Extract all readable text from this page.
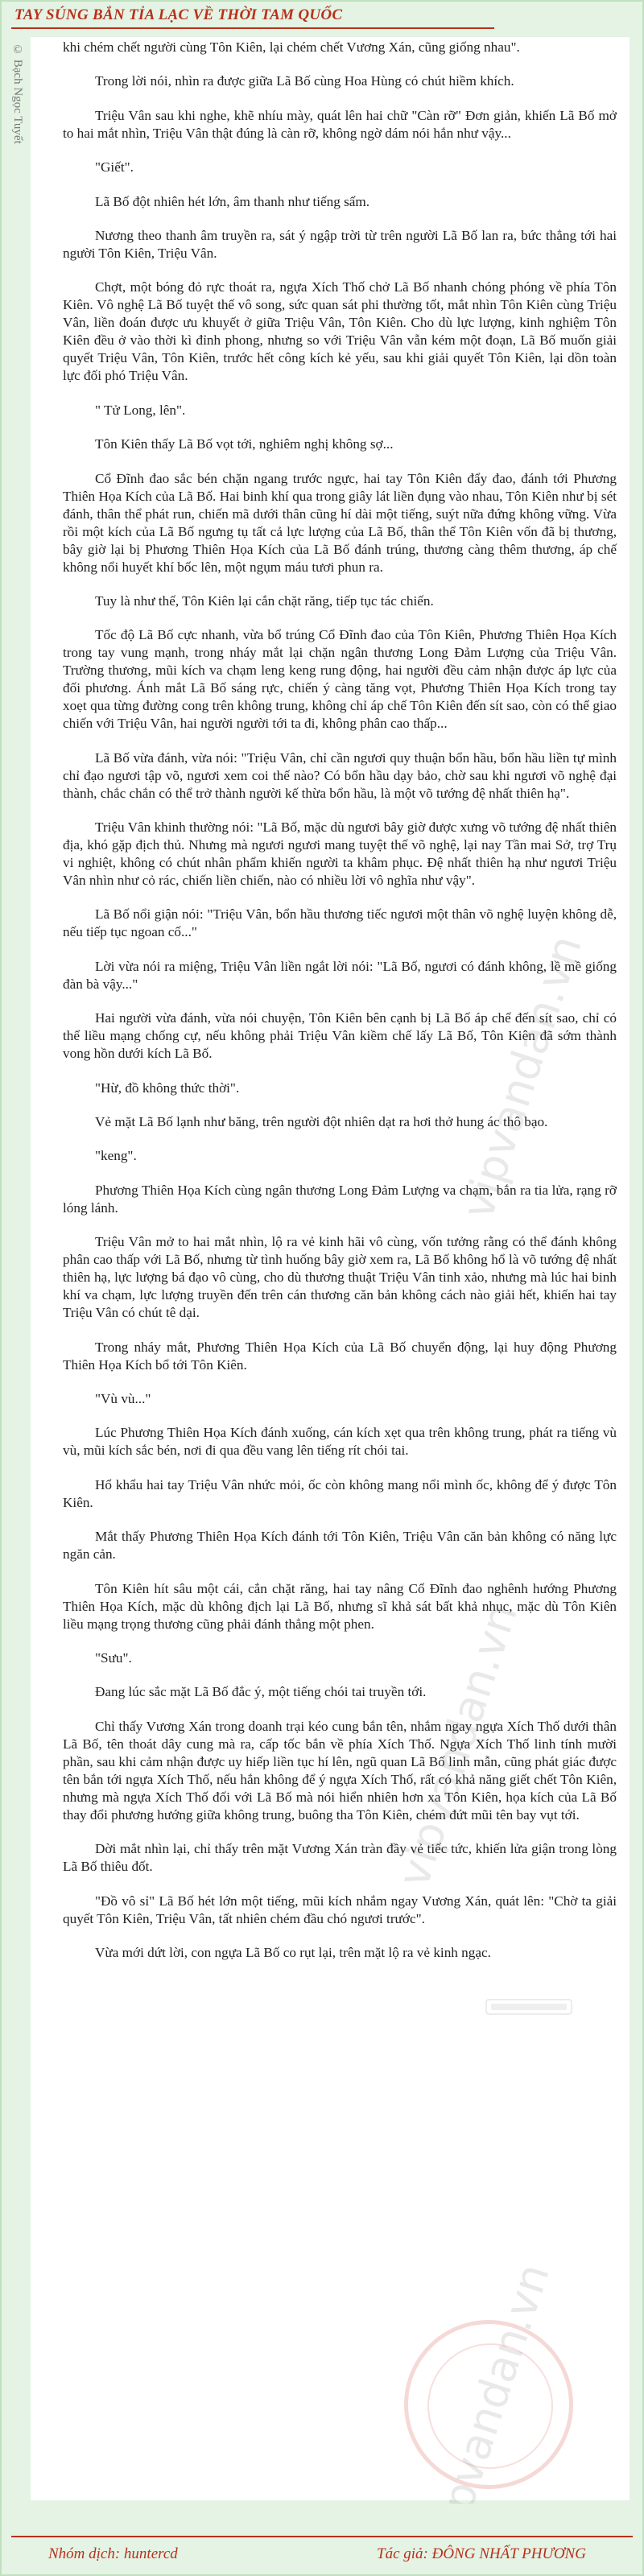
TAY SÚNG BẮN TỈA LẠC VỀ THỜI TAM QUỐC
© Bạch Ngọc Tuyết	khi chém chết người cùng Tôn Kiên, lại chém chết Vương Xán, cũng giống nhau".

Trong lời nói, nhìn ra được giữa Lã Bố cùng Hoa Hùng có chút hiềm khích.

Triệu Vân sau khi nghe, khẽ nhíu mày, quát lên hai chữ "Càn rỡ" Đơn giản, khiến Lã Bố mở to hai mắt nhìn, Triệu Vân thật đúng là càn rỡ, không ngờ dám nói hắn như vậy...

"Giết".

Lã Bố đột nhiên hét lớn, âm thanh như tiếng sấm.

Nương theo thanh âm truyền ra, sát ý ngập trời từ trên người Lã Bố lan ra, bức thẳng tới hai người Tôn Kiên, Triệu Vân.

Chợt, một bóng đỏ rực thoát ra, ngựa Xích Thố chở Lã Bố nhanh chóng phóng về phía Tôn Kiên. Vô nghệ Lã Bố tuyệt thế vô song, sức quan sát phi thường tốt, mắt nhìn Tôn Kiên cùng Triệu Vân, liền đoán được ưu khuyết ở giữa Triệu Vân, Tôn Kiên. Cho dù lực lượng, kinh nghiệm Tôn Kiên đều ở vào thời kì đỉnh phong, nhưng so với Triệu Vân vẫn kém một đoạn, Lã Bố muốn giải quyết Triệu Vân, Tôn Kiên, trước hết công kích kẻ yếu, sau khi giải quyết Tôn Kiên, lại dồn toàn lực đối phó Triệu Vân.

" Tử Long, lên".

Tôn Kiên thấy Lã Bố vọt tới, nghiêm nghị không sợ...

Cổ Đĩnh đao sắc bén chặn ngang trước ngực, hai tay Tôn Kiên đẩy đao, đánh tới Phương Thiên Họa Kích của Lã Bố. Hai binh khí qua trong giây lát liền đụng vào nhau, Tôn Kiên như bị sét đánh, thân thể phát run, chiến mã dưới thân cũng hí dài một tiếng, suýt nữa đứng không vững. Vừa rồi một kích của Lã Bố ngưng tụ tất cả lực lượng của Lã Bố, thân thể Tôn Kiên vốn đã bị thương, bây giờ lại bị Phương Thiên Họa Kích của Lã Bố đánh trúng, thương càng thêm thương, áp chế không nổi huyết khí bốc lên, một ngụm máu tươi phun ra.

Tuy là như thế, Tôn Kiên lại cắn chặt răng, tiếp tục tác chiến.

Tốc độ Lã Bố cực nhanh, vừa bổ trúng Cổ Đĩnh đao của Tôn Kiên, Phương Thiên Họa Kích trong tay vung mạnh, trong nháy mắt lại chặn ngân thương Long Đảm Lượng của Triệu Vân. Trường thương, mũi kích va chạm leng keng rung động, hai người đều cảm nhận được áp lực của đối phương. Ánh mắt Lã Bố sáng rực, chiến ý càng tăng vọt, Phương Thiên Họa Kích trong tay xoẹt qua từng đường cong trên không trung, không chỉ áp chế Tôn Kiên đến sít sao, còn có thể giao chiến với Triệu Vân, hai người người tới ta đi, không phân cao thấp...

Lã Bố vừa đánh, vừa nói: "Triệu Vân, chỉ cần ngươi quy thuận bổn hầu, bổn hầu liền tự mình chỉ đạo ngươi tập võ, ngươi xem coi thế nào? Có bổn hầu dạy bảo, chờ sau khi ngươi võ nghệ đại thành, chắc chắn có thể trở thành người kế thừa bổn hầu, là một võ tướng đệ nhất thiên hạ".

Triệu Vân khinh thường nói: "Lã Bố, mặc dù ngươi bây giờ được xưng võ tướng đệ nhất thiên địa, khó gặp địch thủ. Nhưng mà ngươi ngươi mang tuyệt thế võ nghệ, lại nay Tần mai Sở, trợ Trụ vi nghiệt, không có chút nhân phẩm khiến người ta khâm phục. Đệ nhất thiên hạ như ngươi Triệu Vân nhìn như cỏ rác, chiến liền chiến, nào có nhiều lời vô nghĩa như vậy".

Lã Bố nổi giận nói: "Triệu Vân, bổn hầu thương tiếc ngươi một thân võ nghệ luyện không dễ, nếu tiếp tục ngoan cố..."

Lời vừa nói ra miệng, Triệu Vân liền ngắt lời nói: "Lã Bố, ngươi có đánh không, lề mề giống đàn bà vậy..."

Hai người vừa đánh, vừa nói chuyện, Tôn Kiên bên cạnh bị Lã Bố áp chế đến sít sao, chỉ có thể liều mạng chống cự, nếu không phải Triệu Vân kiềm chế lấy Lã Bố, Tôn Kiên đã sớm thành vong hồn dưới kích Lã Bố.

"Hừ, đồ không thức thời".

Vẻ mặt Lã Bố lạnh như băng, trên người đột nhiên dạt ra hơi thở hung ác thô bạo.

"keng".

Phương Thiên Họa Kích cùng ngân thương Long Đảm Lượng va chạm, bắn ra tia lửa, rạng rỡ lóng lánh.

Triệu Vân mở to hai mắt nhìn, lộ ra vẻ kinh hãi vô cùng, vốn tưởng rằng có thể đánh không phân cao thấp với Lã Bố, nhưng từ tình huống bây giờ xem ra, Lã Bố không hổ là võ tướng đệ nhất thiên hạ, lực lượng bá đạo vô cùng, cho dù thương thuật Triệu Vân tinh xảo, nhưng mà lúc hai binh khí va chạm, lực lượng truyền đến trên cán thương căn bản không cách nào giải hết, khiến hai tay Triệu Vân có chút tê dại.

Trong nháy mắt, Phương Thiên Họa Kích của Lã Bố chuyển động, lại huy động Phương Thiên Họa Kích bổ tới Tôn Kiên.

"Vù vù..."

Lúc Phương Thiên Họa Kích đánh xuống, cán kích xẹt qua trên không trung, phát ra tiếng vù vù, mũi kích sắc bén, nơi đi qua đều vang lên tiếng rít chói tai.

Hổ khẩu hai tay Triệu Vân nhức mỏi, ốc còn không mang nổi mình ốc, không để ý được Tôn Kiên.

Mắt thấy Phương Thiên Họa Kích đánh tới Tôn Kiên, Triệu Vân căn bản không có năng lực ngăn cản.

Tôn Kiên hít sâu một cái, cắn chặt răng, hai tay nâng Cổ Đĩnh đao nghênh hướng Phương Thiên Họa Kích, mặc dù không địch lại Lã Bố, nhưng sĩ khả sát bất khả nhục, mặc dù Tôn Kiên liều mạng trọng thương cũng phải đánh thẳng một phen.

"Sưu".

Đang lúc sắc mặt Lã Bố đắc ý, một tiếng chói tai truyền tới.

Chỉ thấy Vương Xán trong doanh trại kéo cung bắn tên, nhắm ngay ngựa Xích Thố dưới thân Lã Bố, tên thoát dây cung mà ra, cấp tốc bắn về phía Xích Thố. Ngựa Xích Thố linh tính mười phần, sau khi cảm nhận được uy hiếp liền tục hí lên, ngũ quan Lã Bố linh mẫn, cũng phát giác được tên bắn tới ngựa Xích Thố, nếu hắn không để ý ngựa Xích Thố, rất có khả năng giết chết Tôn Kiên, nhưng mà ngựa Xích Thố đối với Lã Bố mà nói hiển nhiên hơn xa Tôn Kiên, họa kích của Lã Bố thay đổi phương hướng giữa không trung, buông tha Tôn Kiên, chém đứt mũi tên bay vụt tới.

Dời mắt nhìn lại, chỉ thấy trên mặt Vương Xán tràn đầy vẻ tiếc tức, khiến lửa giận trong lòng Lã Bố thiêu đốt.

"Đồ vô sỉ" Lã Bố hét lớn một tiếng, mũi kích nhắm ngay Vương Xán, quát lên: "Chờ ta giải quyết Tôn Kiên, Triệu Vân, tất nhiên chém đầu chó ngươi trước".

Vừa mới dứt lời, con ngựa Lã Bố co rụt lại, trên mặt lộ ra vẻ kinh ngạc.

Nhóm dịch: huntercd	Tác giả: ĐÔNG NHẤT PHƯƠNG
